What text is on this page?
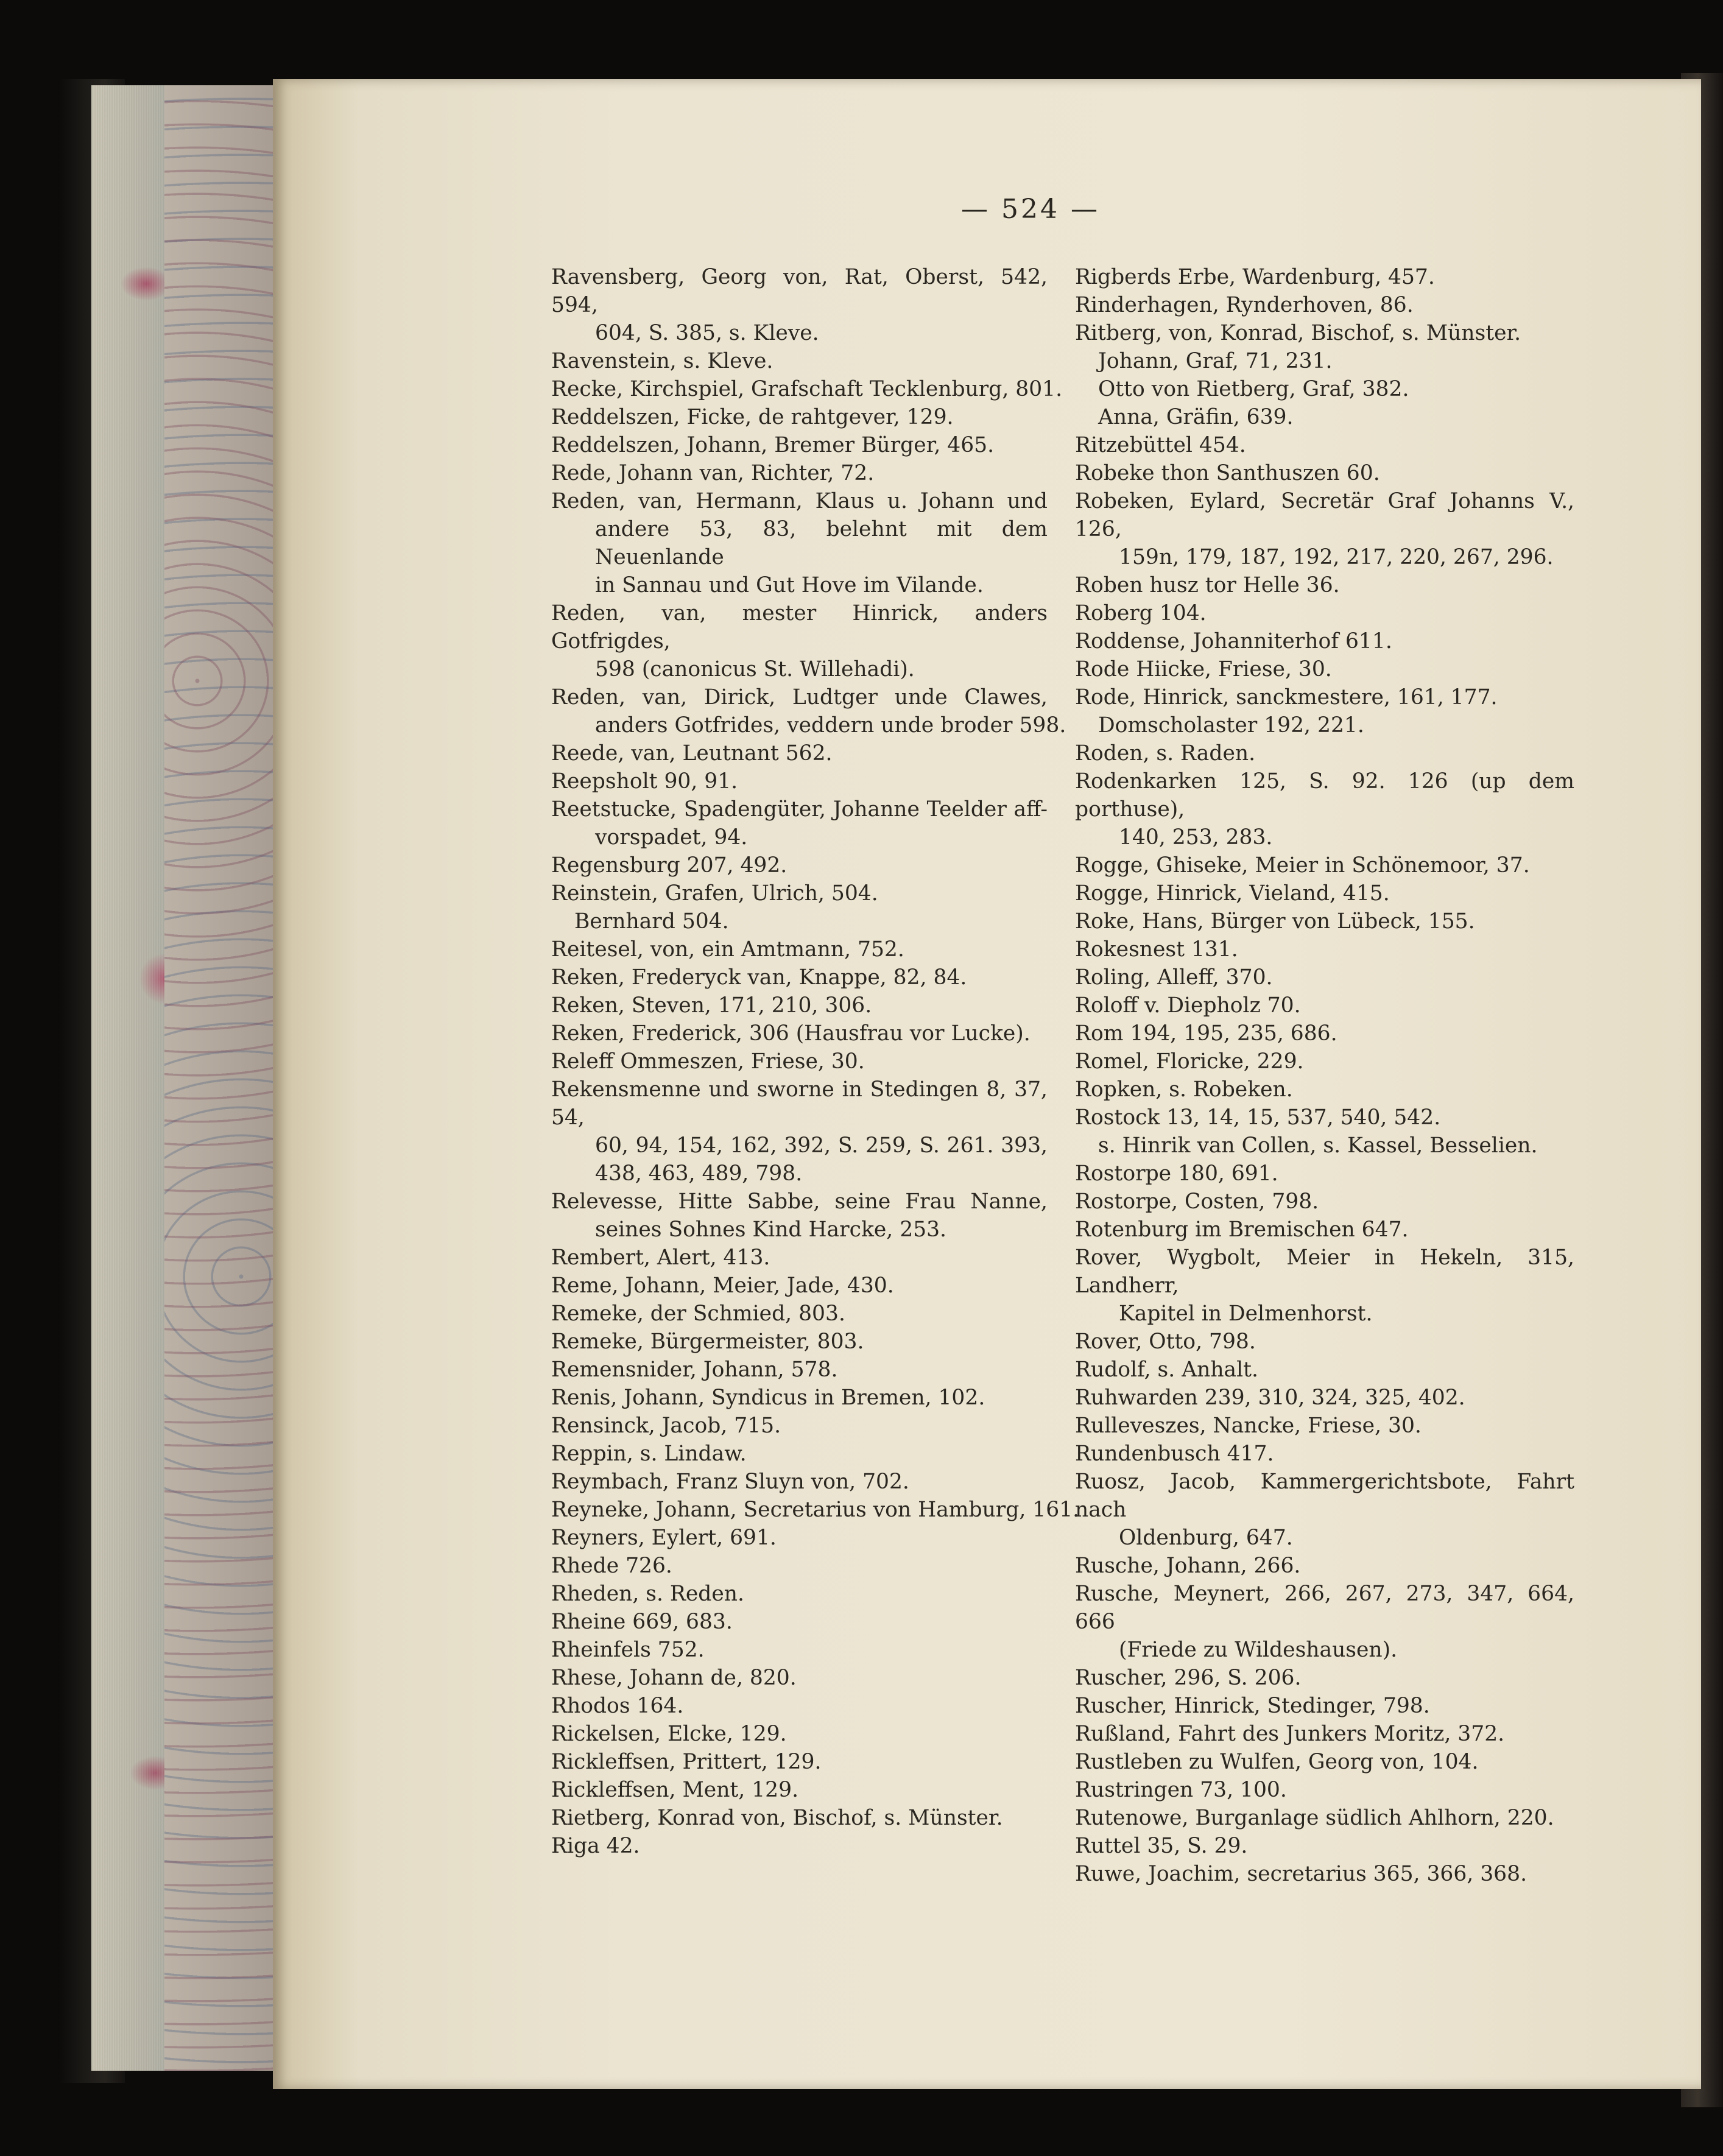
— 524 —
Ravensberg, Georg von, Rat, Oberst, 542, 594,
604, S. 385, s. Kleve.
Ravenstein, s. Kleve.
Recke, Kirchspiel, Grafschaft Tecklenburg, 801.
Reddelszen, Ficke, de rahtgever, 129.
Reddelszen, Johann, Bremer Bürger, 465.
Rede, Johann van, Richter, 72.
Reden, van, Hermann, Klaus u. Johann und
andere 53, 83, belehnt mit dem Neuenlande
in Sannau und Gut Hove im Vilande.
Reden, van, mester Hinrick, anders Gotfrigdes,
598 (canonicus St. Willehadi).
Reden, van, Dirick, Ludtger unde Clawes,
anders Gotfrides, veddern unde broder 598.
Reede, van, Leutnant 562.
Reepsholt 90, 91.
Reetstucke, Spadengüter, Johanne Teelder aff-
vorspadet, 94.
Regensburg 207, 492.
Reinstein, Grafen, Ulrich, 504.
Bernhard 504.
Reitesel, von, ein Amtmann, 752.
Reken, Frederyck van, Knappe, 82, 84.
Reken, Steven, 171, 210, 306.
Reken, Frederick, 306 (Hausfrau vor Lucke).
Releff Ommeszen, Friese, 30.
Rekensmenne und sworne in Stedingen 8, 37, 54,
60, 94, 154, 162, 392, S. 259, S. 261. 393,
438, 463, 489, 798.
Relevesse, Hitte Sabbe, seine Frau Nanne,
seines Sohnes Kind Harcke, 253.
Rembert, Alert, 413.
Reme, Johann, Meier, Jade, 430.
Remeke, der Schmied, 803.
Remeke, Bürgermeister, 803.
Remensnider, Johann, 578.
Renis, Johann, Syndicus in Bremen, 102.
Rensinck, Jacob, 715.
Reppin, s. Lindaw.
Reymbach, Franz Sluyn von, 702.
Reyneke, Johann, Secretarius von Hamburg, 161.
Reyners, Eylert, 691.
Rhede 726.
Rheden, s. Reden.
Rheine 669, 683.
Rheinfels 752.
Rhese, Johann de, 820.
Rhodos 164.
Rickelsen, Elcke, 129.
Rickleffsen, Prittert, 129.
Rickleffsen, Ment, 129.
Rietberg, Konrad von, Bischof, s. Münster.
Riga 42.
Rigberds Erbe, Wardenburg, 457.
Rinderhagen, Rynderhoven, 86.
Ritberg, von, Konrad, Bischof, s. Münster.
Johann, Graf, 71, 231.
Otto von Rietberg, Graf, 382.
Anna, Gräfin, 639.
Ritzebüttel 454.
Robeke thon Santhuszen 60.
Robeken, Eylard, Secretär Graf Johanns V., 126,
159n, 179, 187, 192, 217, 220, 267, 296.
Roben husz tor Helle 36.
Roberg 104.
Roddense, Johanniterhof 611.
Rode Hiicke, Friese, 30.
Rode, Hinrick, sanckmestere, 161, 177.
Domscholaster 192, 221.
Roden, s. Raden.
Rodenkarken 125, S. 92. 126 (up dem porthuse),
140, 253, 283.
Rogge, Ghiseke, Meier in Schönemoor, 37.
Rogge, Hinrick, Vieland, 415.
Roke, Hans, Bürger von Lübeck, 155.
Rokesnest 131.
Roling, Alleff, 370.
Roloff v. Diepholz 70.
Rom 194, 195, 235, 686.
Romel, Floricke, 229.
Ropken, s. Robeken.
Rostock 13, 14, 15, 537, 540, 542.
s. Hinrik van Collen, s. Kassel, Besselien.
Rostorpe 180, 691.
Rostorpe, Costen, 798.
Rotenburg im Bremischen 647.
Rover, Wygbolt, Meier in Hekeln, 315, Landherr,
Kapitel in Delmenhorst.
Rover, Otto, 798.
Rudolf, s. Anhalt.
Ruhwarden 239, 310, 324, 325, 402.
Rulleveszes, Nancke, Friese, 30.
Rundenbusch 417.
Ruosz, Jacob, Kammergerichtsbote, Fahrt nach
Oldenburg, 647.
Rusche, Johann, 266.
Rusche, Meynert, 266, 267, 273, 347, 664, 666
(Friede zu Wildeshausen).
Ruscher, 296, S. 206.
Ruscher, Hinrick, Stedinger, 798.
Rußland, Fahrt des Junkers Moritz, 372.
Rustleben zu Wulfen, Georg von, 104.
Rustringen 73, 100.
Rutenowe, Burganlage südlich Ahlhorn, 220.
Ruttel 35, S. 29.
Ruwe, Joachim, secretarius 365, 366, 368.
